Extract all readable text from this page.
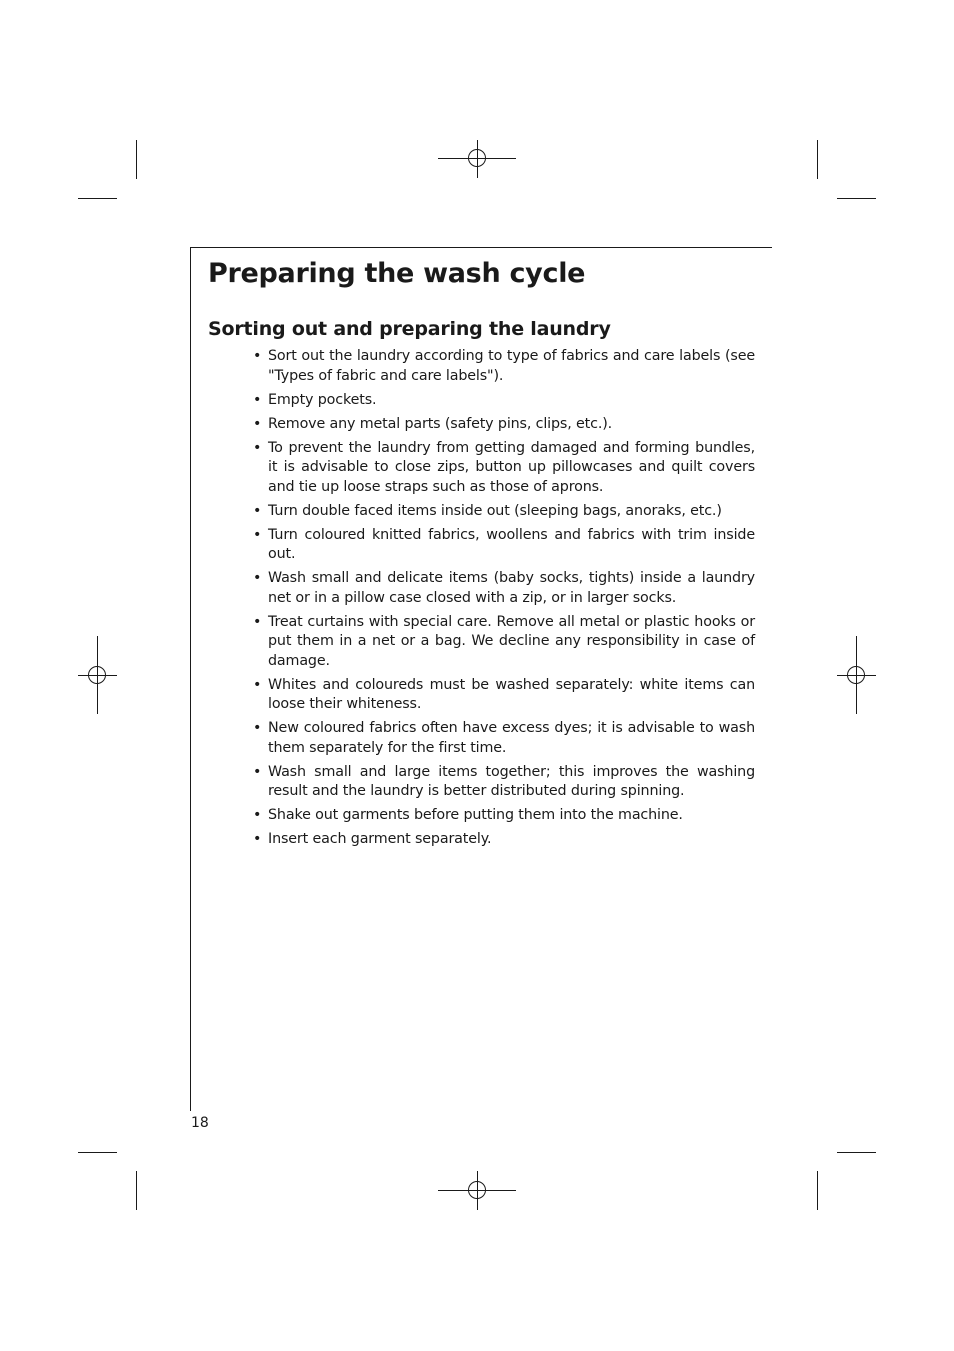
Preparing the wash cycle
Sorting out and preparing the laundry
• Sort out the laundry according to type of fabrics and care labels (see "Types of fabric and care labels").
• Empty pockets.
• Remove any metal parts (safety pins, clips, etc.).
• To prevent the laundry from getting damaged and forming bundles, it is advisable to close zips, button up pillowcases and quilt covers and tie up loose straps such as those of aprons.
• Turn double faced items inside out (sleeping bags, anoraks, etc.)
• Turn coloured knitted fabrics, woollens and fabrics with trim inside out.
• Wash small and delicate items (baby socks, tights) inside a laundry net or in a pillow case closed with a zip, or in larger socks.
• Treat curtains with special care. Remove all metal or plastic hooks or put them in a net or a bag. We decline any responsibility in case of damage.
• Whites and coloureds must be washed separately: white items can loose their whiteness.
• New coloured fabrics often have excess dyes; it is advisable to wash them separately for the first time.
• Wash small and large items together; this improves the washing result and the laundry is better distributed during spinning.
• Shake out garments before putting them into the machine.
• Insert each garment separately.
18
